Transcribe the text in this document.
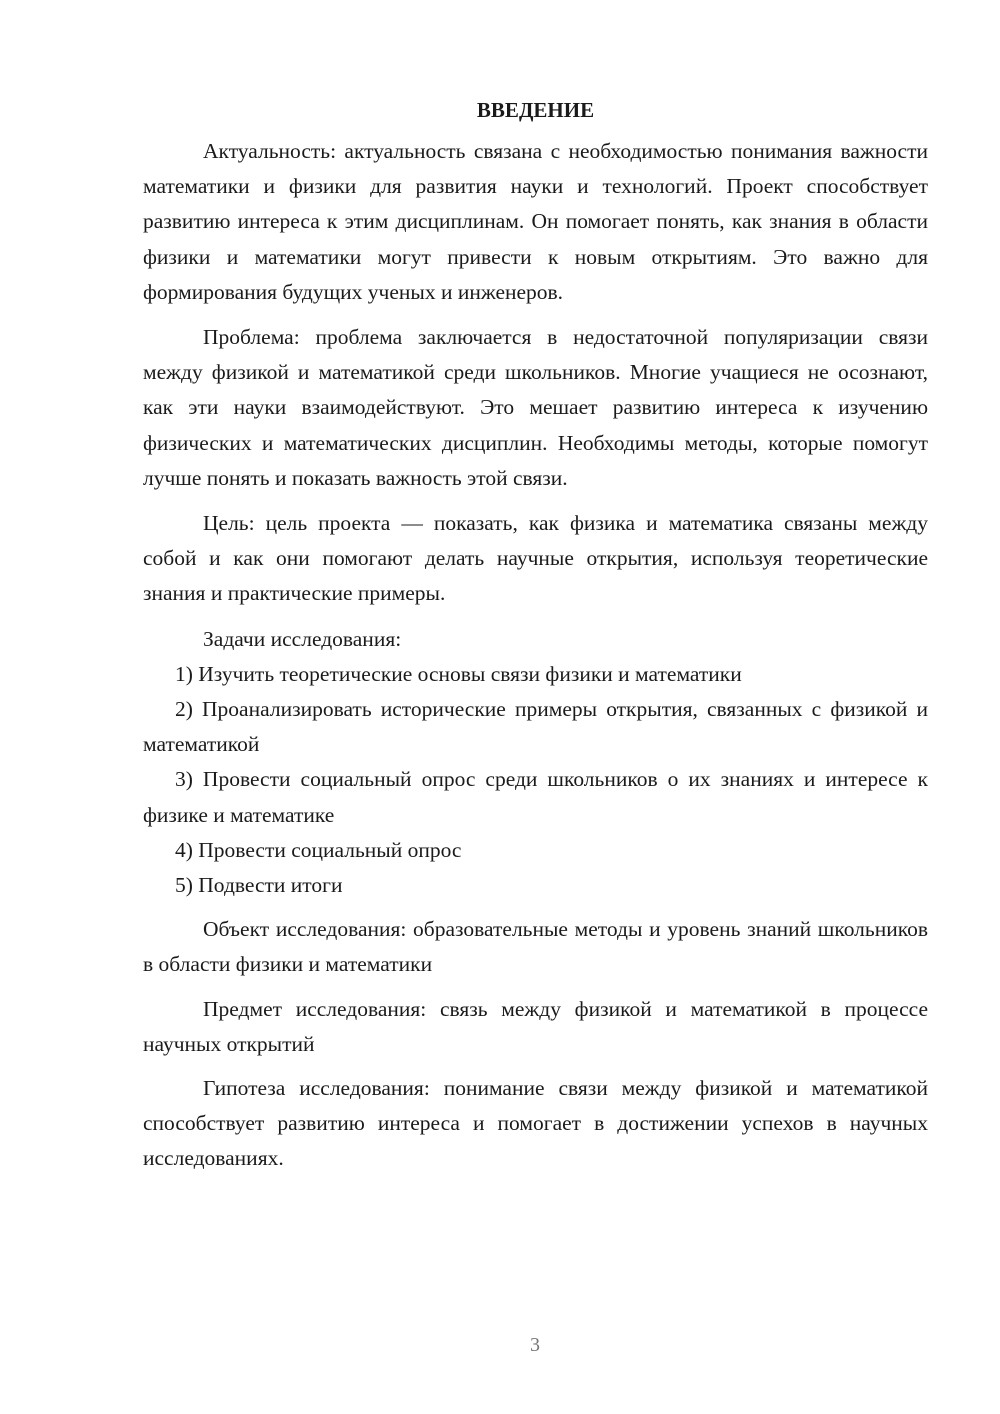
ВВЕДЕНИЕ

Актуальность: актуальность связана с необходимостью понимания важности математики и физики для развития науки и технологий. Проект способствует развитию интереса к этим дисциплинам. Он помогает понять, как знания в области физики и математики могут привести к новым открытиям. Это важно для формирования будущих ученых и инженеров.

Проблема: проблема заключается в недостаточной популяризации связи между физикой и математикой среди школьников. Многие учащиеся не осознают, как эти науки взаимодействуют. Это мешает развитию интереса к изучению физических и математических дисциплин. Необходимы методы, которые помогут лучше понять и показать важность этой связи.

Цель: цель проекта — показать, как физика и математика связаны между собой и как они помогают делать научные открытия, используя теоретические знания и практические примеры.

Задачи исследования:

1) Изучить теоретические основы связи физики и математики

2) Проанализировать исторические примеры открытия, связанных с физикой и математикой

3) Провести социальный опрос среди школьников о их знаниях и интересе к физике и математике

4) Провести социальный опрос

5) Подвести итоги

Объект исследования: образовательные методы и уровень знаний школьников в области физики и математики

Предмет исследования: связь между физикой и математикой в процессе научных открытий

Гипотеза исследования: понимание связи между физикой и математикой способствует развитию интереса и помогает в достижении успехов в научных исследованиях.

3
